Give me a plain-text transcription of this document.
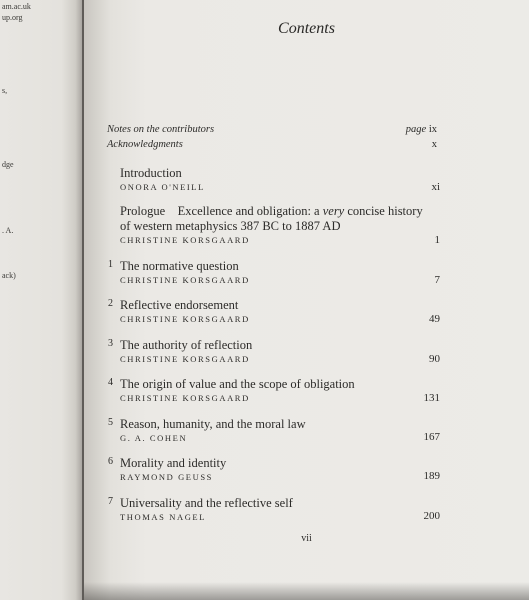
am.ac.uk
up.org
s,
dge
. A.
ack)
Contents
Notes on the contributors	page ix
Acknowledgments	x
Introduction
ONORA O'NEILL	xi
Prologue    Excellence and obligation: a very concise history
of western metaphysics 387 BC to 1887 AD
CHRISTINE KORSGAARD	1
1 The normative question
CHRISTINE KORSGAARD	7
2 Reflective endorsement
CHRISTINE KORSGAARD	49
3 The authority of reflection
CHRISTINE KORSGAARD	90
4 The origin of value and the scope of obligation
CHRISTINE KORSGAARD	131
5 Reason, humanity, and the moral law
G. A. COHEN	167
6 Morality and identity
RAYMOND GEUSS	189
7 Universality and the reflective self
THOMAS NAGEL	200
vii
